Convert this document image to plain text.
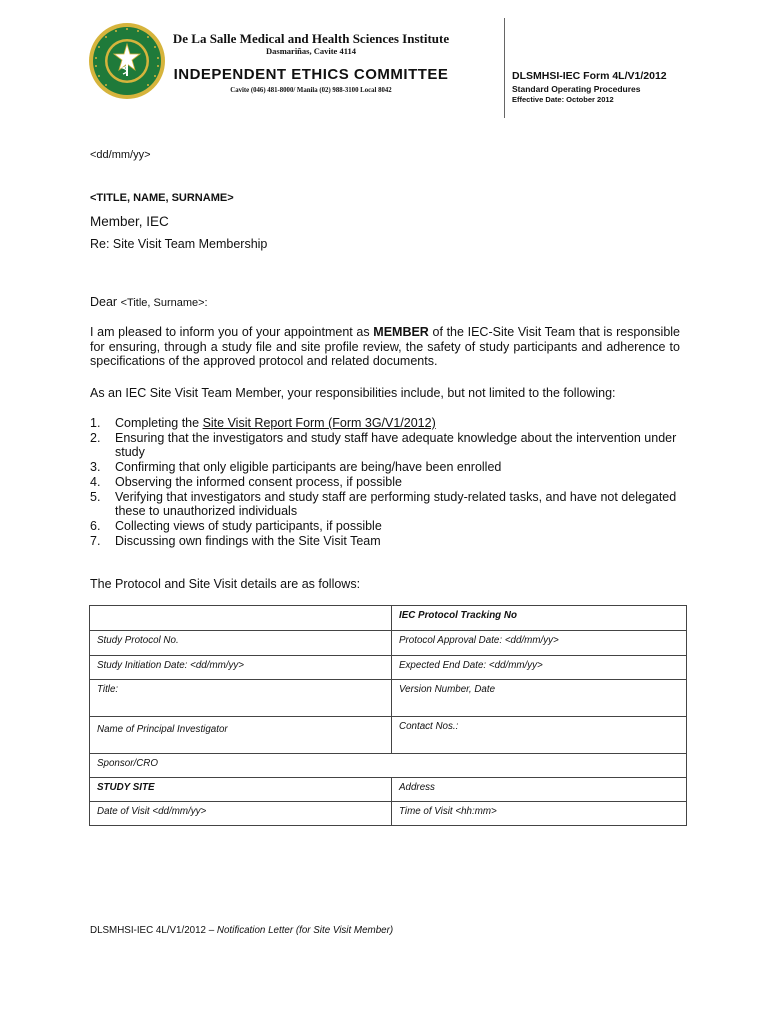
De La Salle Medical and Health Sciences Institute
Dasmariñas, Cavite 4114
INDEPENDENT ETHICS COMMITTEE
Cavite (046) 481-8000/ Manila (02) 988-3100 Local 8042
DLSMHSI-IEC Form 4L/V1/2012
Standard Operating Procedures
Effective Date: October 2012
<dd/mm/yy>
<TITLE, NAME, SURNAME>
Member, IEC
Re: Site Visit Team Membership
Dear <Title, Surname>:
I am pleased to inform you of your appointment as MEMBER of the IEC-Site Visit Team that is responsible for ensuring, through a study file and site profile review, the safety of study participants and adherence to specifications of the approved protocol and related documents.
As an IEC Site Visit Team Member, your responsibilities include, but not limited to the following:
1. Completing the Site Visit Report Form (Form 3G/V1/2012)
2. Ensuring that the investigators and study staff have adequate knowledge about the intervention under study
3. Confirming that only eligible participants are being/have been enrolled
4. Observing the informed consent process, if possible
5. Verifying that investigators and study staff are performing study-related tasks, and have not delegated these to unauthorized individuals
6. Collecting views of study participants, if possible
7. Discussing own findings with the Site Visit Team
The Protocol and Site Visit details are as follows:
	IEC Protocol Tracking No
Study Protocol No.	Protocol Approval Date: <dd/mm/yy>
Study Initiation Date: <dd/mm/yy>	Expected End Date: <dd/mm/yy>
Title:	Version Number, Date
Name of Principal Investigator	Contact Nos.:
Sponsor/CRO	
STUDY SITE	Address
Date of Visit <dd/mm/yy>	Time of Visit <hh:mm>
DLSMHSI-IEC 4L/V1/2012 – Notification Letter (for Site Visit Member)
